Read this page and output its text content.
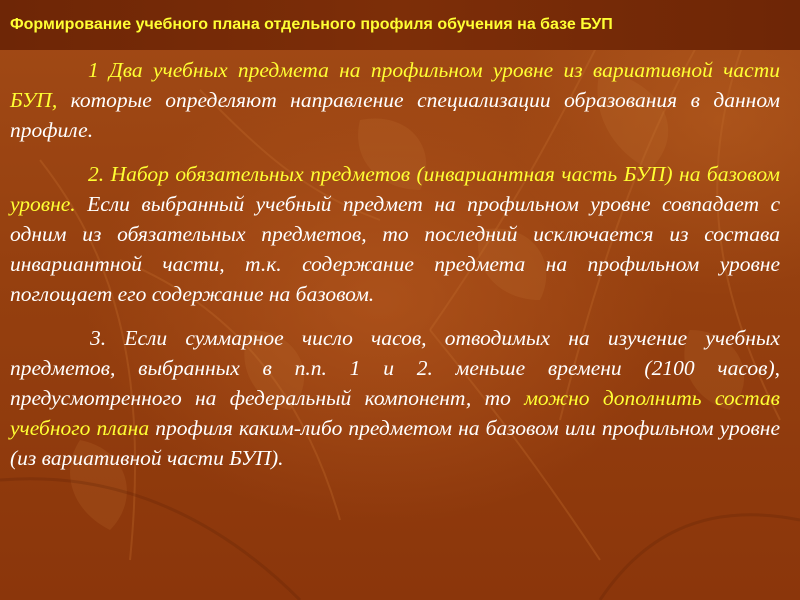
Формирование учебного плана отдельного профиля обучения на базе БУП

1 Два учебных предмета на профильном уровне из вариативной части БУП, которые определяют направление специализации образования в данном профиле.

2. Набор обязательных предметов (инвариантная часть БУП) на базовом уровне. Если выбранный учебный предмет на профильном уровне совпадает с одним из обязательных предметов, то последний исключается из состава инвариантной части, т.к. содержание предмета на профильном уровне поглощает его содержание на базовом.

3. Если суммарное число часов, отводимых на изучение учебных предметов, выбранных в п.п. 1 и 2. меньше времени (2100 часов), предусмотренного на федеральный компонент, то можно дополнить состав учебного плана профиля каким-либо предметом на базовом или профильном уровне (из вариативной части БУП).
